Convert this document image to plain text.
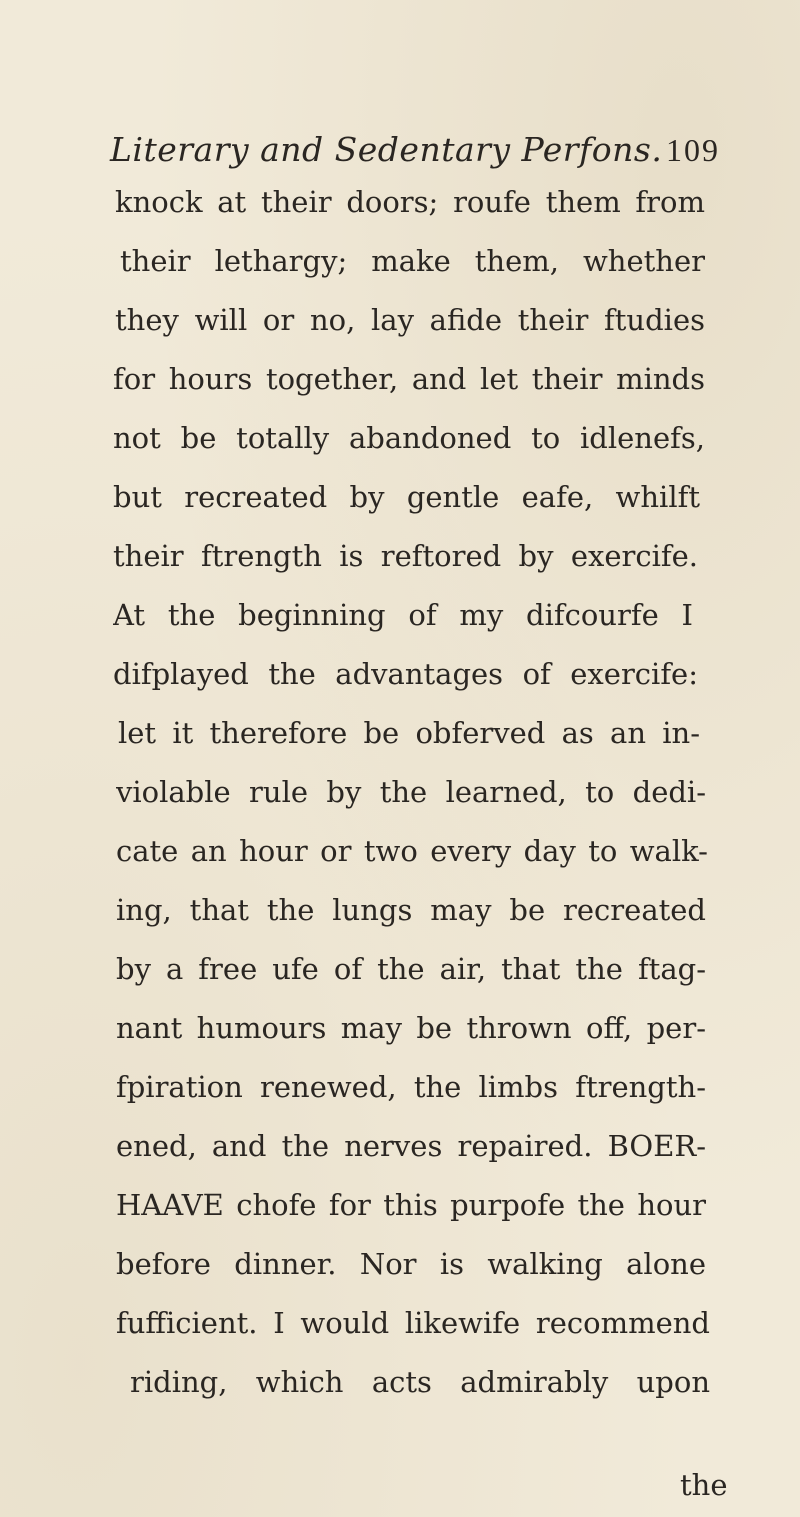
Literary and Sedentary Perfons. 109
knock at their doors; roufe them from
their lethargy; make them, whether
they will or no, lay afide their ftudies
for hours together, and let their minds
not be totally abandoned to idlenefs,
but recreated by gentle eafe, whilft
their ftrength is reftored by exercife.
At the beginning of my difcourfe I
difplayed the advantages of exercife:
let it therefore be obferved as an in-
violable rule by the learned, to dedi-
cate an hour or two every day to walk-
ing, that the lungs may be recreated
by a free ufe of the air, that the ftag-
nant humours may be thrown off, per-
fpiration renewed, the limbs ftrength-
ened, and the nerves repaired. BOER-
HAAVE chofe for this purpofe the hour
before dinner. Nor is walking alone
fufficient. I would likewife recommend
riding, which acts admirably upon
the
